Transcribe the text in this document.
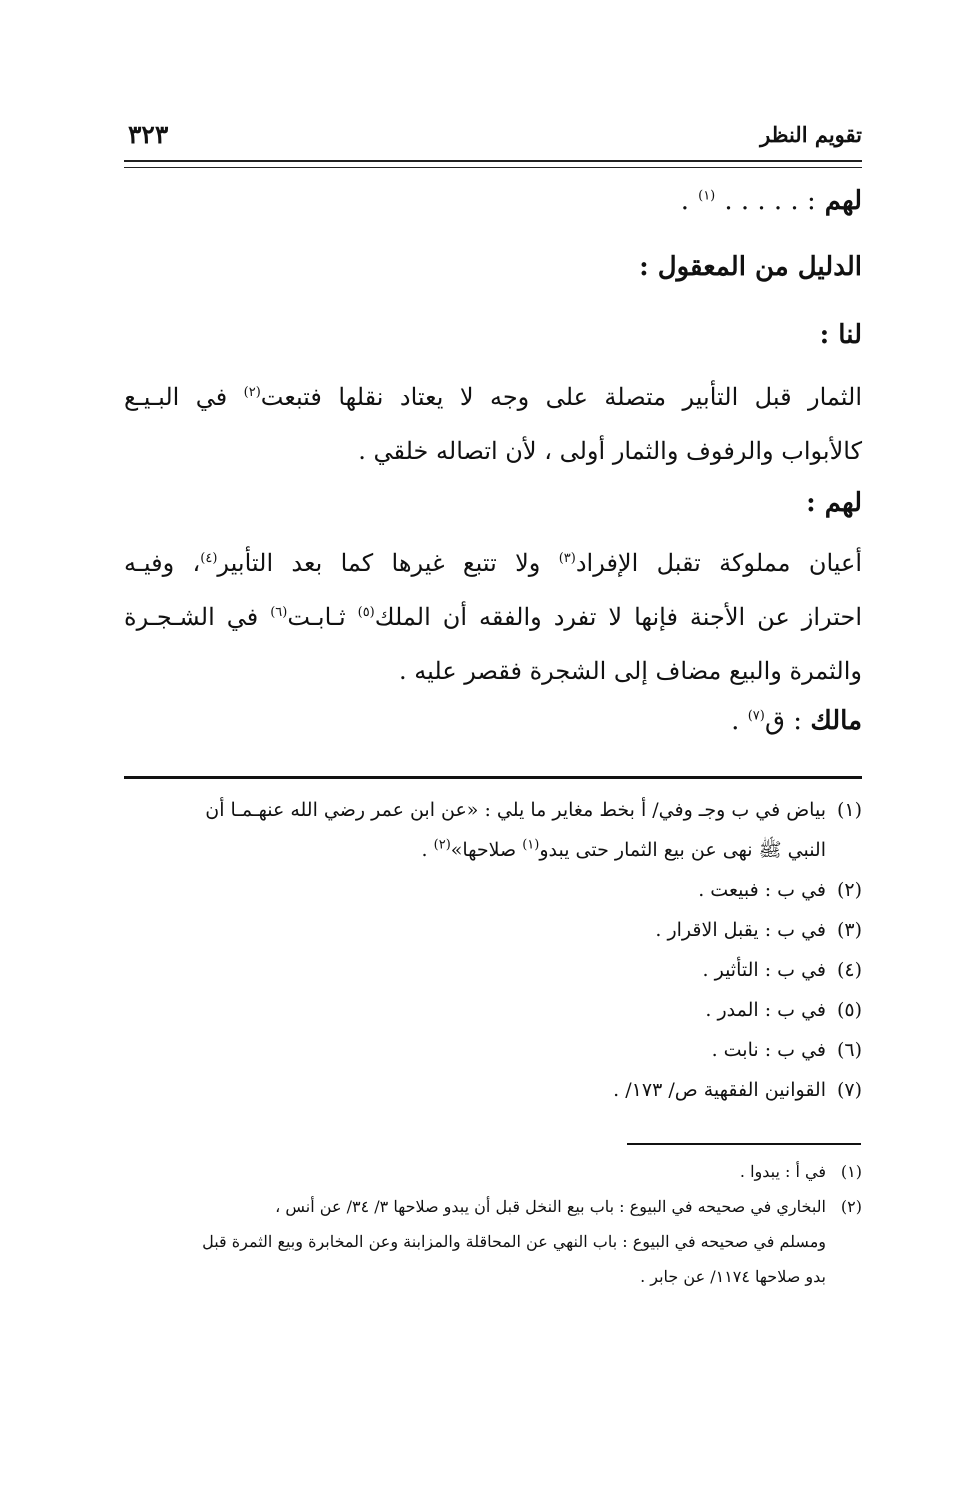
تقويم النظر
٣٢٣
لهم : . . . . . $^{(١)}$ .
الدليل من المعقول :
لنا :
الثمار قبل التأبير متصلة على وجه لا يعتاد نقلها فتبعت$^{(٢)}$ في البـيـع
كالأبواب والرفوف والثمار أولى ، لأن اتصاله خلقي .
لهم :
أعيان مملوكة تقبل الإفراد$^{(٣)}$ ولا تتبع غيرها كما بعد التأبير$^{(٤)}$، وفيـه
احتراز عن الأجنة فإنها لا تفرد والفقه أن الملك$^{(٥)}$ ثـابـت$^{(٦)}$ في الشـجـرة
والثمرة والبيع مضاف إلى الشجرة فقصر عليه .
مالك : ق$^{(٧)}$ .
(١)بياض في ب وجـ وفي/ أ بخط مغاير ما يلي : «عن ابن عمر رضي الله عنهـمـا أن
النبي ﷺ نهى عن بيع الثمار حتى يبدو$^{(١)}$ صلاحها»$^{(٢)}$ .
(٢)في ب : فبيعت .
(٣)في ب : يقبل الاقرار .
(٤)في ب : التأثير .
(٥)في ب : المدر .
(٦)في ب : نابت .
(٧)القوانين الفقهية ص/ ١٧٣/ .
(١)في أ : يبدوا .
(٢)البخاري في صحيحه في البيوع : باب بيع النخل قبل أن يبدو صلاحها ٣/ ٣٤/ عن أنس ،
ومسلم في صحيحه في البيوع : باب النهي عن المحاقلة والمزابنة وعن المخابرة وبيع الثمرة قبل
بدو صلاحها ١١٧٤/ عن جابر .
